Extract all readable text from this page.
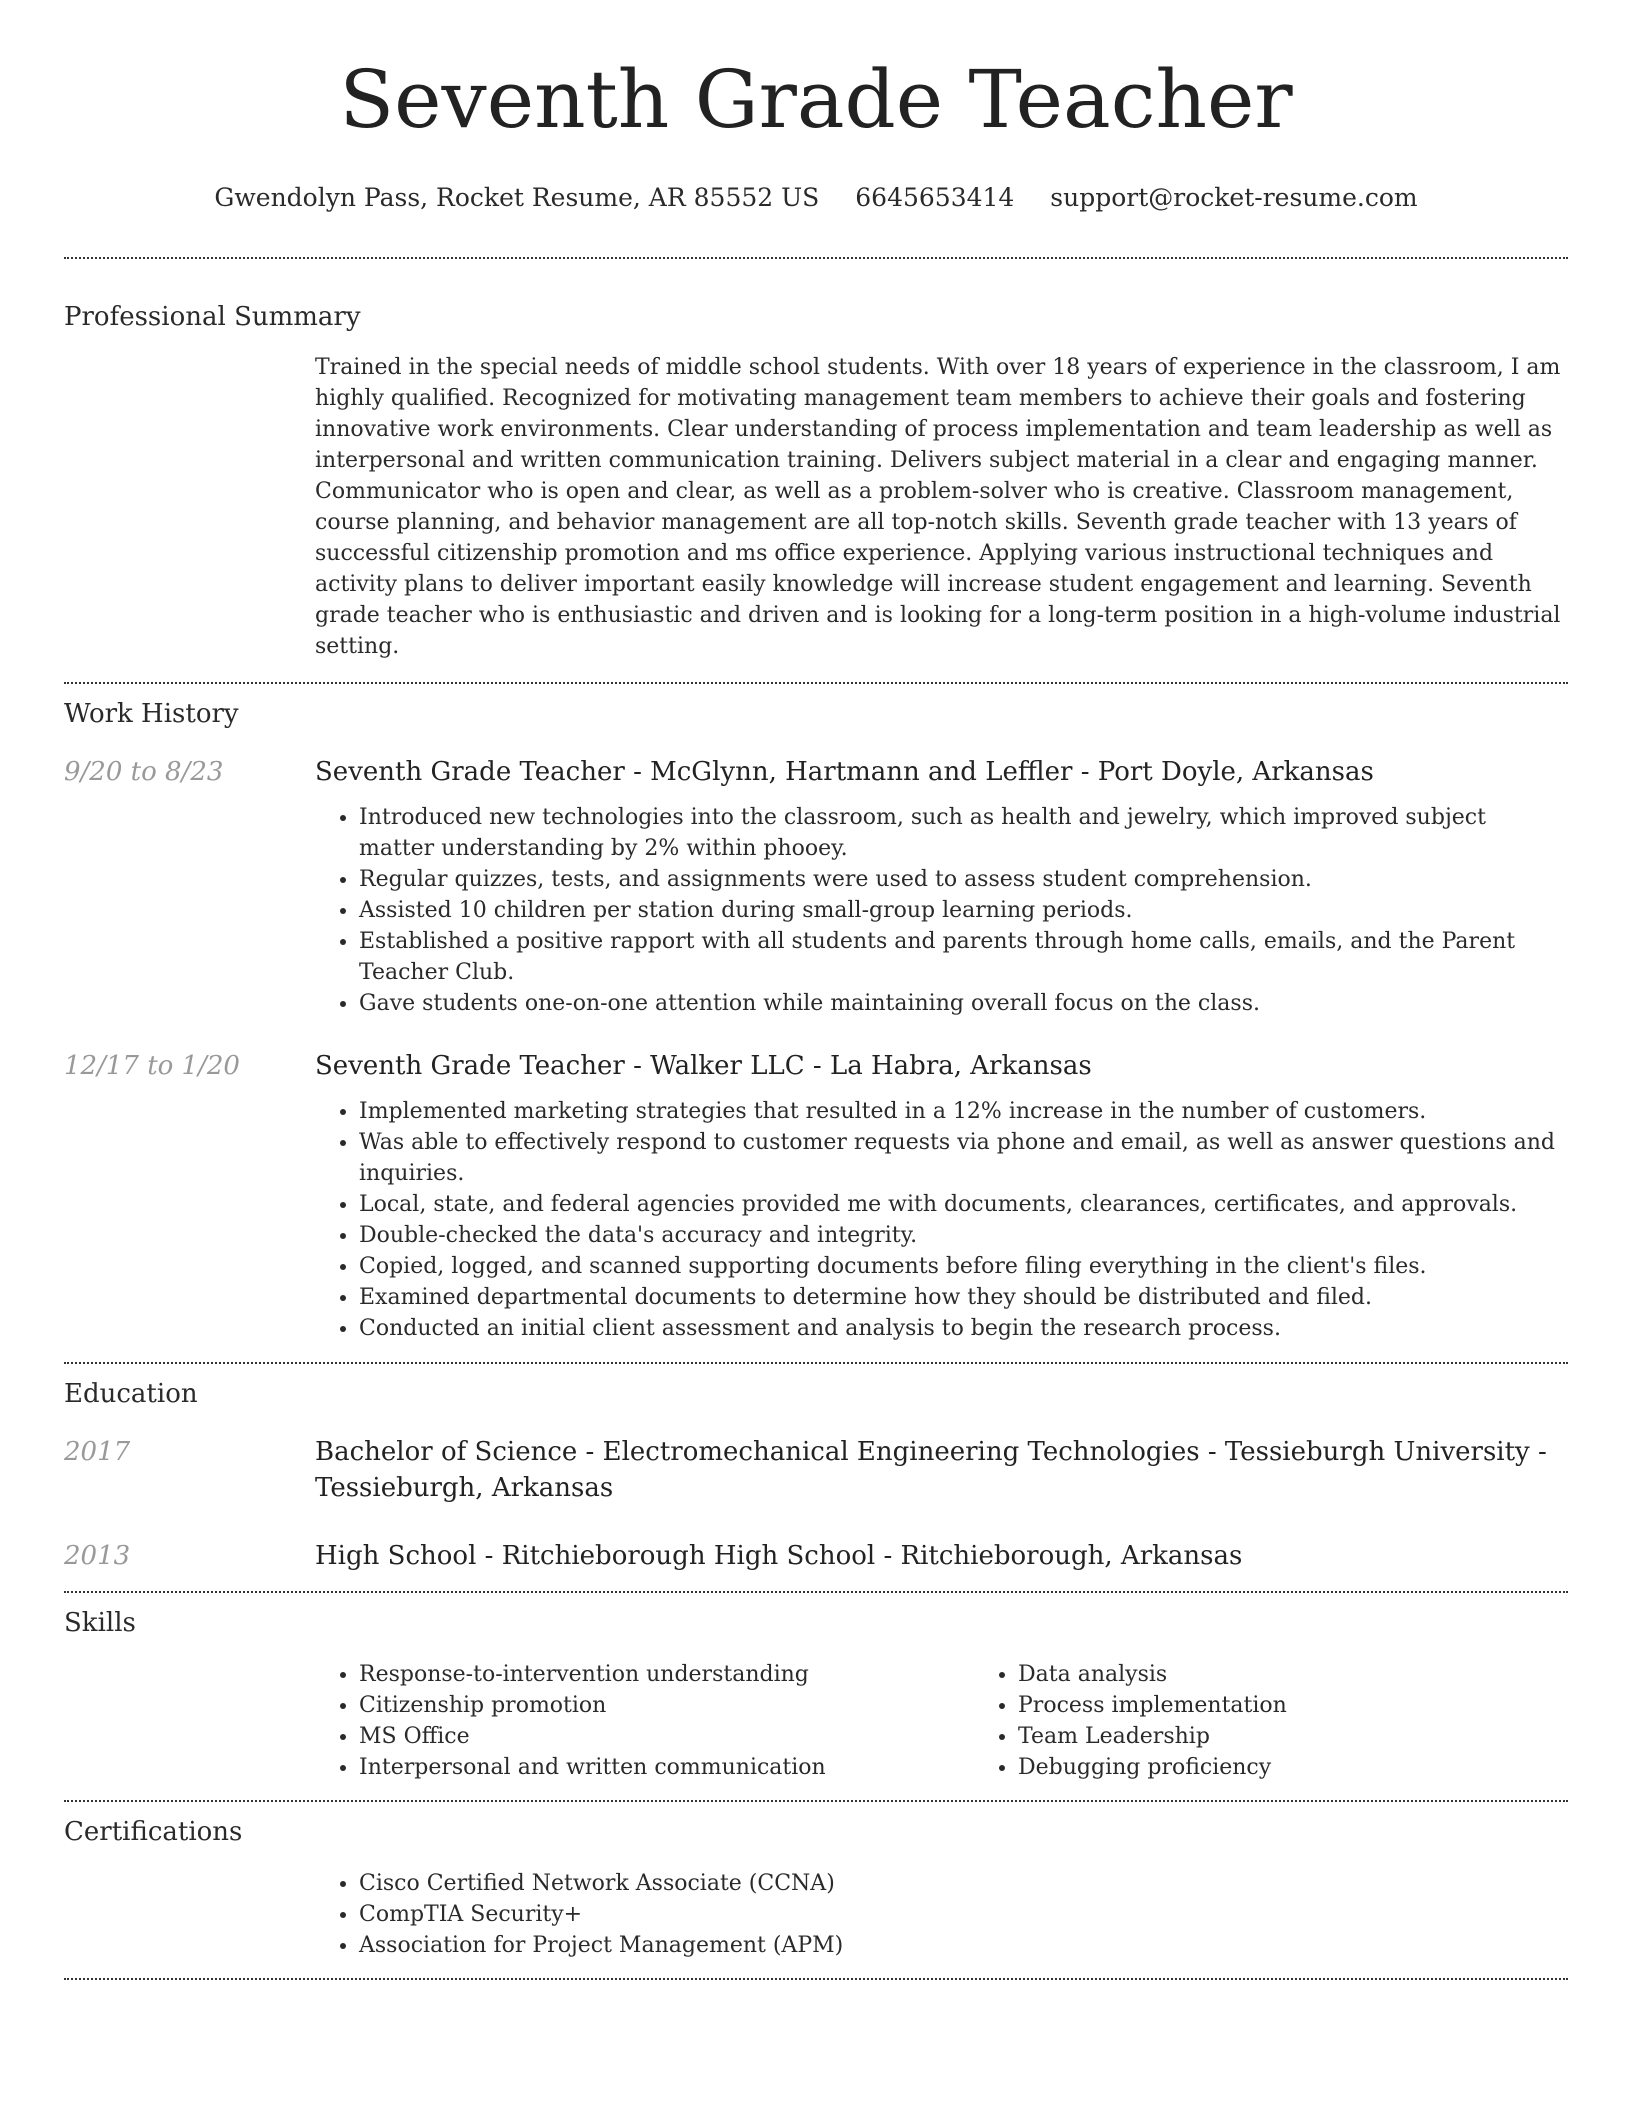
Seventh Grade Teacher
Gwendolyn Pass, Rocket Resume, AR 85552 US 6645653414 support@rocket-resume.com
Professional Summary
Trained in the special needs of middle school students. With over 18 years of experience in the classroom, I am highly qualified. Recognized for motivating management team members to achieve their goals and fostering innovative work environments. Clear understanding of process implementation and team leadership as well as interpersonal and written communication training. Delivers subject material in a clear and engaging manner. Communicator who is open and clear, as well as a problem-solver who is creative. Classroom management, course planning, and behavior management are all top-notch skills. Seventh grade teacher with 13 years of successful citizenship promotion and ms office experience. Applying various instructional techniques and activity plans to deliver important easily knowledge will increase student engagement and learning. Seventh grade teacher who is enthusiastic and driven and is looking for a long-term position in a high-volume industrial setting.
Work History
9/20 to 8/23	Seventh Grade Teacher - McGlynn, Hartmann and Leffler - Port Doyle, Arkansas
• Introduced new technologies into the classroom, such as health and jewelry, which improved subject matter understanding by 2% within phooey.
• Regular quizzes, tests, and assignments were used to assess student comprehension.
• Assisted 10 children per station during small-group learning periods.
• Established a positive rapport with all students and parents through home calls, emails, and the Parent Teacher Club.
• Gave students one-on-one attention while maintaining overall focus on the class.
12/17 to 1/20	Seventh Grade Teacher - Walker LLC - La Habra, Arkansas
• Implemented marketing strategies that resulted in a 12% increase in the number of customers.
• Was able to effectively respond to customer requests via phone and email, as well as answer questions and inquiries.
• Local, state, and federal agencies provided me with documents, clearances, certificates, and approvals.
• Double-checked the data's accuracy and integrity.
• Copied, logged, and scanned supporting documents before filing everything in the client's files.
• Examined departmental documents to determine how they should be distributed and filed.
• Conducted an initial client assessment and analysis to begin the research process.
Education
2017	Bachelor of Science - Electromechanical Engineering Technologies - Tessieburgh University - Tessieburgh, Arkansas
2013	High School - Ritchieborough High School - Ritchieborough, Arkansas
Skills
• Response-to-intervention understanding
• Citizenship promotion
• MS Office
• Interpersonal and written communication
• Data analysis
• Process implementation
• Team Leadership
• Debugging proficiency
Certifications
• Cisco Certified Network Associate (CCNA)
• CompTIA Security+
• Association for Project Management (APM)
